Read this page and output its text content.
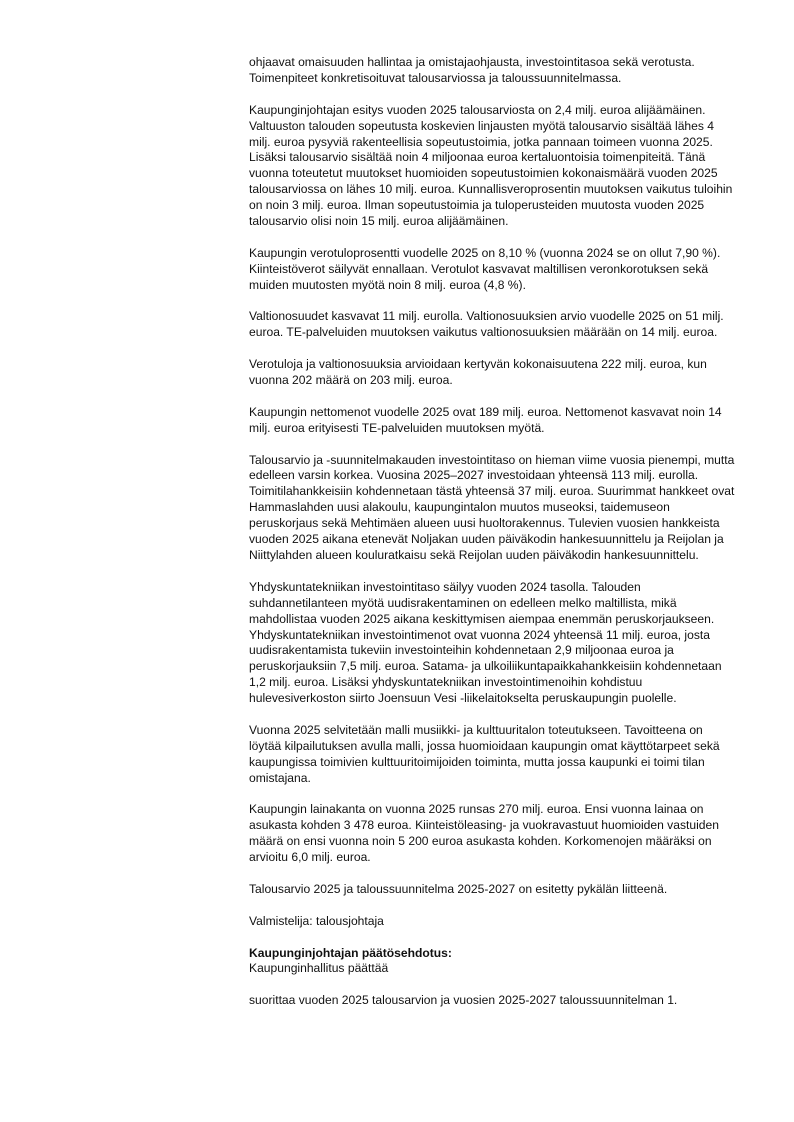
ohjaavat omaisuuden hallintaa ja omistajaohjausta, investointitasoa sekä verotusta. Toimenpiteet konkretisoituvat talousarviossa ja taloussuunnitelmassa.

Kaupunginjohtajan esitys vuoden 2025 talousarviosta on 2,4 milj. euroa alijäämäinen. Valtuuston talouden sopeutusta koskevien linjausten myötä talousarvio sisältää lähes 4 milj. euroa pysyviä rakenteellisia sopeutustoimia, jotka pannaan toimeen vuonna 2025. Lisäksi talousarvio sisältää noin 4 miljoonaa euroa kertaluontoisia toimenpiteitä. Tänä vuonna toteutetut muutokset huomioiden sopeutustoimien kokonaismäärä vuoden 2025 talousarviossa on lähes 10 milj. euroa. Kunnallisveroprosentin muutoksen vaikutus tuloihin on noin 3 milj. euroa. Ilman sopeutustoimia ja tuloperusteiden muutosta vuoden 2025 talousarvio olisi noin 15 milj. euroa alijäämäinen.

Kaupungin verotuloprosentti vuodelle 2025 on 8,10 % (vuonna 2024 se on ollut 7,90 %). Kiinteistöverot säilyvät ennallaan. Verotulot kasvavat maltillisen veronkorotuksen sekä muiden muutosten myötä noin 8 milj. euroa (4,8 %).

Valtionosuudet kasvavat 11 milj. eurolla. Valtionosuuksien arvio vuodelle 2025 on 51 milj. euroa. TE-palveluiden muutoksen vaikutus valtionosuuksien määrään on 14 milj. euroa.

Verotuloja ja valtionosuuksia arvioidaan kertyvän kokonaisuutena 222 milj. euroa, kun vuonna 202 määrä on 203 milj. euroa.

Kaupungin nettomenot vuodelle 2025 ovat 189 milj. euroa. Nettomenot kasvavat noin 14 milj. euroa erityisesti TE-palveluiden muutoksen myötä.

Talousarvio ja -suunnitelmakauden investointitaso on hieman viime vuosia pienempi, mutta edelleen varsin korkea. Vuosina 2025‒2027 investoidaan yhteensä 113 milj. eurolla. Toimitilahankkeisiin kohdennetaan tästä yhteensä 37 milj. euroa. Suurimmat hankkeet ovat Hammaslahden uusi alakoulu, kaupungintalon muutos museoksi, taidemuseon peruskorjaus sekä Mehtimäen alueen uusi huoltorakennus. Tulevien vuosien hankkeista vuoden 2025 aikana etenevät Noljakan uuden päiväkodin hankesuunnittelu ja Reijolan ja Niittylahden alueen kouluratkaisu sekä Reijolan uuden päiväkodin hankesuunnittelu.

Yhdyskuntatekniikan investointitaso säilyy vuoden 2024 tasolla. Talouden suhdannetilanteen myötä uudisrakentaminen on edelleen melko maltillista, mikä mahdollistaa vuoden 2025 aikana keskittymisen aiempaa enemmän peruskorjaukseen. Yhdyskuntatekniikan investointimenot ovat vuonna 2024 yhteensä 11 milj. euroa, josta uudisrakentamista tukeviin investointeihin kohdennetaan 2,9 miljoonaa euroa ja peruskorjauksiin 7,5 milj. euroa. Satama- ja ulkoiliikuntapaikkahankkeisiin kohdennetaan 1,2 milj. euroa. Lisäksi yhdyskuntatekniikan investointimenoihin kohdistuu hulevesiverkoston siirto Joensuun Vesi -liikelaitokselta peruskaupungin puolelle.

Vuonna 2025 selvitetään malli musiikki- ja kulttuuritalon toteutukseen. Tavoitteena on löytää kilpailutuksen avulla malli, jossa huomioidaan kaupungin omat käyttötarpeet sekä kaupungissa toimivien kulttuuritoimijoiden toiminta, mutta jossa kaupunki ei toimi tilan omistajana.

Kaupungin lainakanta on vuonna 2025 runsas 270 milj. euroa. Ensi vuonna lainaa on asukasta kohden 3 478 euroa. Kiinteistöleasing- ja vuokravastuut huomioiden vastuiden määrä on ensi vuonna noin 5 200 euroa asukasta kohden. Korkomenojen määräksi on arvioitu 6,0 milj. euroa.

Talousarvio 2025 ja taloussuunnitelma 2025-2027 on esitetty pykälän liitteenä.

Valmistelija: talousjohtaja

Kaupunginjohtajan päätösehdotus:

Kaupunginhallitus päättää

suorittaa vuoden 2025 talousarvion ja vuosien 2025-2027 taloussuunnitelman 1.
